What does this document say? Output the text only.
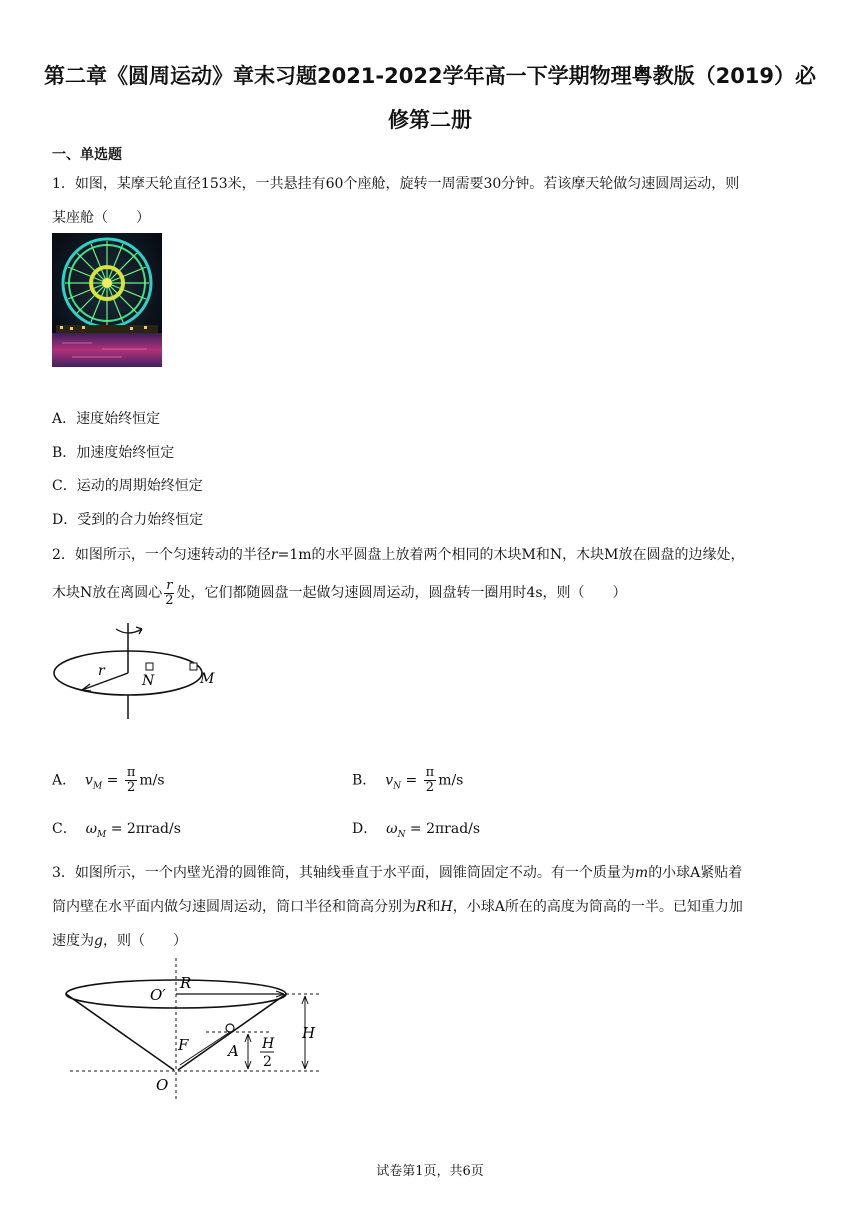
第二章《圆周运动》章末习题2021-2022学年高一下学期物理粤教版（2019）必
修第二册
一、单选题
1．如图，某摩天轮直径153米，一共悬挂有60个座舱，旋转一周需要30分钟。若该摩天轮做匀速圆周运动，则
某座舱（　　）
A．速度始终恒定
B．加速度始终恒定
C．运动的周期始终恒定
D．受到的合力始终恒定
2．如图所示，一个匀速转动的半径r=1m的水平圆盘上放着两个相同的木块M和N，木块M放在圆盘的边缘处，
木块N放在离圆心 $\frac{r}{2}$ 处，它们都随圆盘一起做匀速圆周运动，圆盘转一圈用时4s，则（　　）
r
N	M
A． $v_M = \frac{\pi}{2} m/s$	B． $v_N = \frac{\pi}{2} m/s$
C． $\omega_M = 2\pi rad/s$	D． $\omega_N = 2\pi rad/s$
3．如图所示，一个内壁光滑的圆锥筒，其轴线垂直于水平面，圆锥筒固定不动。有一个质量为m的小球A紧贴着
筒内壁在水平面内做匀速圆周运动，筒口半径和筒高分别为R和H，小球A所在的高度为筒高的一半。已知重力加
速度为g，则（　　）
O′
R
H
F	A H
2
O
试卷第1页，共6页
